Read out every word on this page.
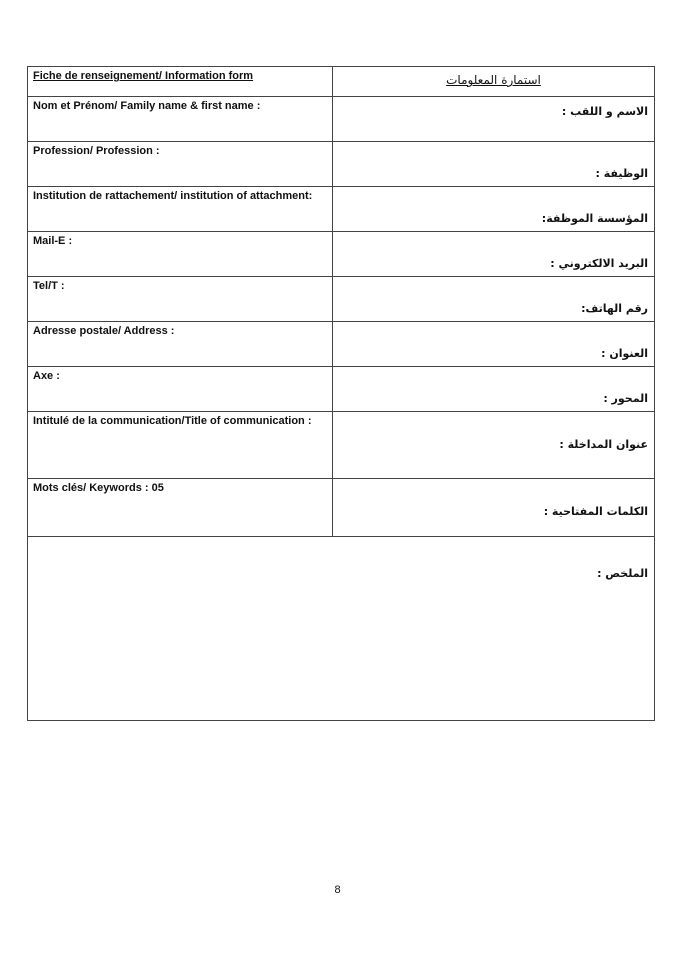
Fiche de renseignement/ Information form	استمارة المعلومات

Nom et Prénom/ Family name & first name :	الاسم و اللقب :

Profession/ Profession :	الوظيفة :

Institution de rattachement/ institution of attachment:	المؤسسة الموظفة:

Mail-E :	البريد الالكتروني :

Tel/T :	رقم الهاتف:

Adresse postale/ Address :	العنوان :

Axe :	المحور :

Intitulé de la communication/Title of communication :	عنوان المداخلة :

Mots clés/ Keywords : 05	الكلمات المفتاحية :

الملخص :	
8
